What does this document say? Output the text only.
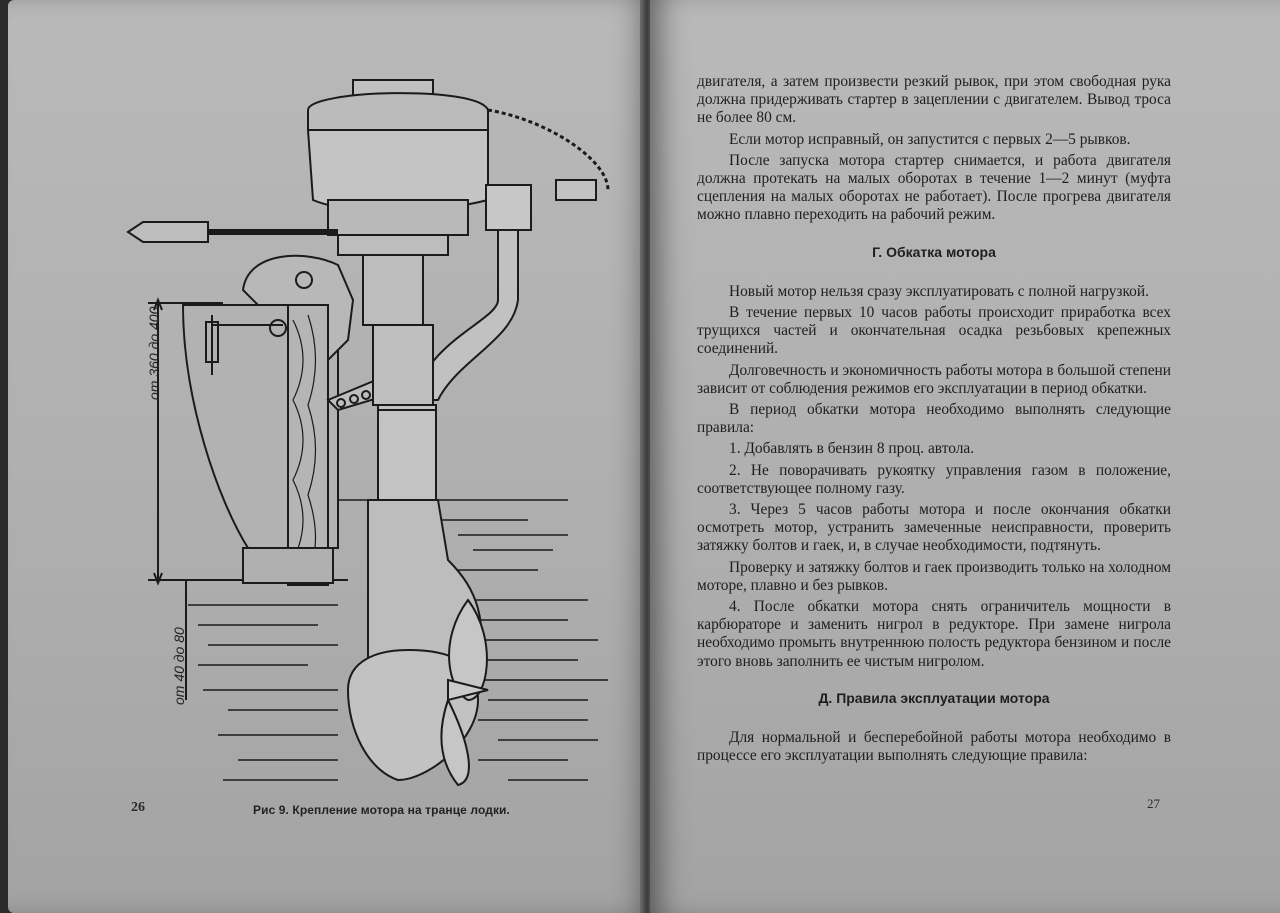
от 360 до 400
от 40 до 80
26	Рис 9. Крепление мотора на транце лодки.

двигателя, а затем произвести резкий рывок, при этом свободная рука должна придерживать стартер в зацеплении с двигателем. Вывод троса не более 80 см.

Если мотор исправный, он запустится с первых 2—5 рывков.

После запуска мотора стартер снимается, и работа двигателя должна протекать на малых оборотах в течение 1—2 минут (муфта сцепления на малых оборотах не работает). После прогрева двигателя можно плавно переходить на рабочий режим.

Г. Обкатка мотора

Новый мотор нельзя сразу эксплуатировать с полной нагрузкой.

В течение первых 10 часов работы происходит приработка всех трущихся частей и окончательная осадка резьбовых крепежных соединений.

Долговечность и экономичность работы мотора в большой степени зависит от соблюдения режимов его эксплуатации в период обкатки.

В период обкатки мотора необходимо выполнять следующие правила:

1. Добавлять в бензин 8 проц. автола.

2. Не поворачивать рукоятку управления газом в положение, соответствующее полному газу.

3. Через 5 часов работы мотора и после окончания обкатки осмотреть мотор, устранить замеченные неисправности, проверить затяжку болтов и гаек, и, в случае необходимости, подтянуть.

Проверку и затяжку болтов и гаек производить только на холодном моторе, плавно и без рывков.

4. После обкатки мотора снять ограничитель мощности в карбюраторе и заменить нигрол в редукторе. При замене нигрола необходимо промыть внутреннюю полость редуктора бензином и после этого вновь заполнить ее чистым нигролом.

Д. Правила эксплуатации мотора

Для нормальной и бесперебойной работы мотора необходимо в процессе его эксплуатации выполнять следующие правила:

27
